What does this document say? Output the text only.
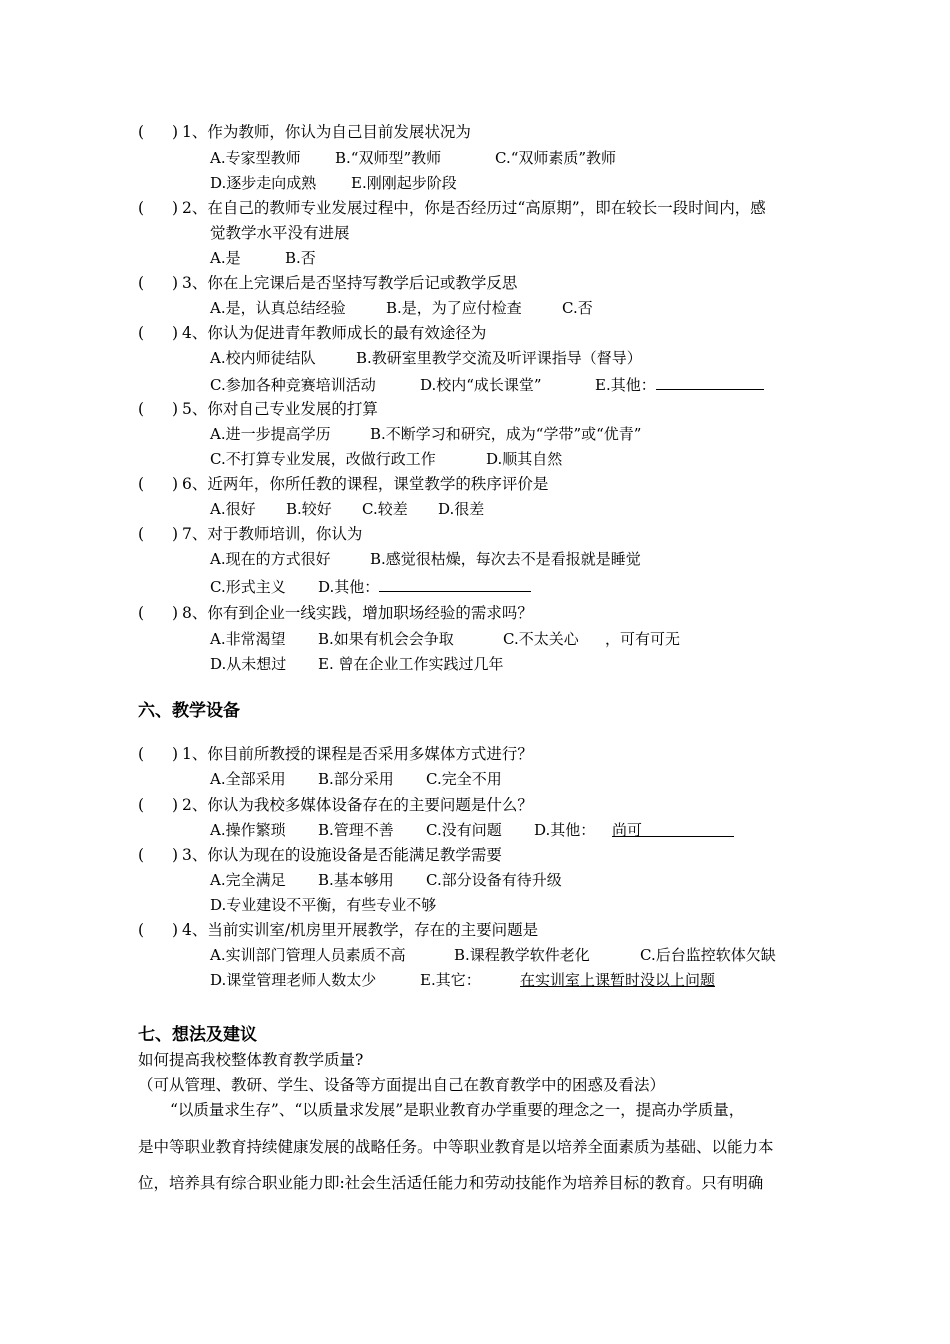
( ) 1、作为教师，你认为自己目前发展状况为
A.专家型教师 B.“双师型”教师	C.“双师素质”教师
D.逐步走向成熟 E.刚刚起步阶段
( ) 2、在自己的教师专业发展过程中，你是否经历过“高原期”，即在较长一段时间内，感
觉教学水平没有进展
A.是	B.否
( ) 3、你在上完课后是否坚持写教学后记或教学反思
A.是，认真总结经验	B.是，为了应付检查	C.否
( ) 4、你认为促进青年教师成长的最有效途径为
A.校内师徒结队	B.教研室里教学交流及听评课指导（督导）
C.参加各种竞赛培训活动	D.校内“成长课堂”	E.其他：
( ) 5、你对自己专业发展的打算
A.进一步提高学历	B.不断学习和研究，成为“学带”或“优青”
C.不打算专业发展，改做行政工作	D.顺其自然
( ) 6、近两年，你所任教的课程，课堂教学的秩序评价是
A.很好 B.较好 C.较差 D.很差
( ) 7、对于教师培训，你认为
A.现在的方式很好	B.感觉很枯燥，每次去不是看报就是睡觉
C.形式主义 D.其他：
( ) 8、你有到企业一线实践，增加职场经验的需求吗？
A.非常渴望 B.如果有机会会争取	C.不太关心 ，可有可无
D.从未想过 E. 曾在企业工作实践过几年
六、教学设备
( ) 1、你目前所教授的课程是否采用多媒体方式进行？
A.全部采用 B.部分采用 C.完全不用
( ) 2、你认为我校多媒体设备存在的主要问题是什么？
A.操作繁琐 B.管理不善 C.没有问题 D.其他： 尚可
( ) 3、你认为现在的设施设备是否能满足教学需要
A.完全满足 B.基本够用 C.部分设备有待升级
D.专业建设不平衡，有些专业不够
( ) 4、当前实训室/机房里开展教学，存在的主要问题是
A.实训部门管理人员素质不高	B.课程教学软件老化	C.后台监控软体欠缺
D.课堂管理老师人数太少	E.其它：	在实训室上课暂时没以上问题
七、想法及建议
如何提高我校整体教育教学质量?
（可从管理、教研、学生、设备等方面提出自己在教育教学中的困惑及看法）
“以质量求生存”、“以质量求发展”是职业教育办学重要的理念之一，提高办学质量，
是中等职业教育持续健康发展的战略任务。中等职业教育是以培养全面素质为基础、以能力本
位，培养具有综合职业能力即:社会生活适任能力和劳动技能作为培养目标的教育。只有明确
